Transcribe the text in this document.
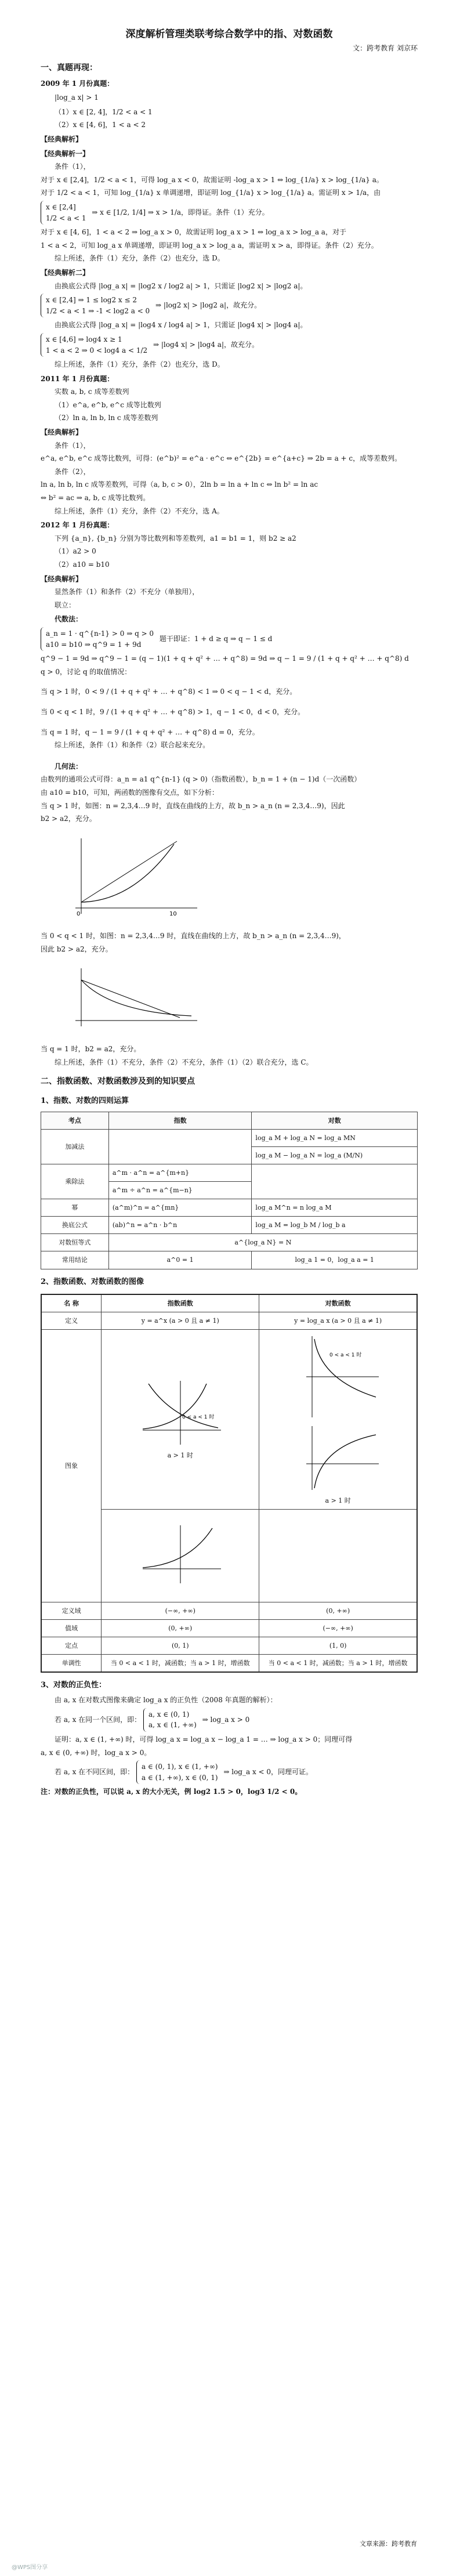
深度解析管理类联考综合数学中的指、对数函数
文：跨考教育 刘京环
一、真题再现：
2009 年 1 月份真题：
|log_a x| > 1
（1）x ∈ [2, 4]，1/2 < a < 1
（2）x ∈ [4, 6]，1 < a < 2
【经典解析】
【经典解析一】
条件（1），
对于 x ∈ [2,4]，1/2 < a < 1，可得 log_a x < 0，故需证明 -log_a x > 1 ⇔ log_{1/a} x > log_{1/a} a。
对于 1/2 < a < 1，可知 log_{1/a} x 单调递增，即证明 log_{1/a} x > log_{1/a} a。需证明 x > 1/a，由
x ∈ [2,4]
1/2 < a < 1
⇒ x ∈ [1/2, 1/4] ⇒ x > 1/a，即得证。条件（1）充分。
对于 x ∈ [4, 6]，1 < a < 2 ⇒ log_a x > 0，故需证明 log_a x > 1 ⇔ log_a x > log_a a，对于
1 < a < 2，可知 log_a x 单调递增，即证明 log_a x > log_a a，需证明 x > a，即得证。条件（2）充分。
综上所述，条件（1）充分，条件（2）也充分，选 D。
【经典解析二】
由换底公式得 |log_a x| = |log2 x / log2 a| > 1，只需证 |log2 x| > |log2 a|。
x ∈ [2,4] ⇒ 1 ≤ log2 x ≤ 2
1/2 < a < 1 ⇒ -1 < log2 a < 0
⇒ |log2 x| > |log2 a|，故充分。
由换底公式得 |log_a x| = |log4 x / log4 a| > 1，只需证 |log4 x| > |log4 a|。
x ∈ [4,6] ⇒ log4 x ≥ 1
1 < a < 2 ⇒ 0 < log4 a < 1/2
⇒ |log4 x| > |log4 a|，故充分。
综上所述，条件（1）充分，条件（2）也充分，选 D。
2011 年 1 月份真题：
实数 a, b, c 成等差数列
（1）e^a, e^b, e^c 成等比数列
（2）ln a, ln b, ln c 成等差数列
【经典解析】
条件（1），
e^a, e^b, e^c 成等比数列，可得：(e^b)² = e^a · e^c ⇔ e^{2b} = e^{a+c} ⇒ 2b = a + c，成等差数列。
条件（2），
ln a, ln b, ln c 成等差数列，可得（a, b, c > 0），2ln b = ln a + ln c ⇔ ln b² = ln ac
⇔ b² = ac ⇒ a, b, c 成等比数列。
综上所述，条件（1）充分，条件（2）不充分，选 A。
2012 年 1 月份真题：
下列 {a_n}, {b_n} 分别为等比数列和等差数列，a1 = b1 = 1，则 b2 ≥ a2
（1）a2 > 0
（2）a10 = b10
【经典解析】
显然条件（1）和条件（2）不充分（单独用），
联立：
代数法：
a_n = 1 · q^{n-1} > 0 ⇒ q > 0
a10 = b10 ⇒ q^9 = 1 + 9d
题干即证：1 + d ≥ q ⇒ q − 1 ≤ d
q^9 − 1 = 9d ⇒ q^9 − 1 = (q − 1)(1 + q + q² + … + q^8) = 9d ⇒ q − 1 = 9 / (1 + q + q² + … + q^8) d
q > 0，讨论 q 的取值情况：
当 q > 1 时，0 < 9 / (1 + q + q² + … + q^8) < 1 ⇒ 0 < q − 1 < d，充分。
当 0 < q < 1 时，9 / (1 + q + q² + … + q^8) > 1，q − 1 < 0，d < 0，充分。
当 q = 1 时，q − 1 = 9 / (1 + q + q² + … + q^8) d = 0，充分。
综上所述，条件（1）和条件（2）联合起来充分。
几何法：
由数列的通项公式可得：a_n = a1 q^{n-1} (q > 0)（指数函数），b_n = 1 + (n − 1)d（一次函数）
由 a10 = b10，可知，两函数的图像有交点，如下分析：
当 q > 1 时，如图：n = 2,3,4…9 时，直线在曲线的上方，故 b_n > a_n (n = 2,3,4…9)，因此
b2 > a2，充分。
0	10
当 0 < q < 1 时，如图：n = 2,3,4…9 时，直线在曲线的上方，故 b_n > a_n (n = 2,3,4…9)，
因此 b2 > a2，充分。
当 q = 1 时，b2 = a2，充分。
综上所述，条件（1）不充分，条件（2）不充分，条件（1）（2）联合充分，选 C。
二、指数函数、对数函数涉及到的知识要点
1、指数、对数的四则运算
考点	指数	对数
加减法		log_a M + log_a N = log_a MN
		log_a M − log_a N = log_a (M/N)
乘除法	a^m · a^n = a^{m+n}	
	a^m ÷ a^n = a^{m−n}	
幂	(a^m)^n = a^{mn}	log_a M^n = n log_a M
换底公式	(ab)^n = a^n · b^n	log_a M = log_b M / log_b a
对数恒等式	a^{log_a N} = N	
常用结论	a^0 = 1	log_a 1 = 0，log_a a = 1
2、指数函数、对数函数的图像
名 称	指数函数	对数函数
定义	y = a^x (a > 0 且 a ≠ 1)	y = log_a x (a > 0 且 a ≠ 1)
图象	0 < a < 1 时
a > 1 时	0 < a < 1 时

a > 1 时

定义域	(−∞, +∞)	(0, +∞)
值域	(0, +∞)	(−∞, +∞)
定点	(0, 1)	(1, 0)
单调性	当 0 < a < 1 时，减函数；当 a > 1 时，增函数	当 0 < a < 1 时，减函数；当 a > 1 时，增函数
3、对数的正负性：
由 a, x 在对数式图像来确定 log_a x 的正负性（2008 年真题的解析）：
若 a, x 在同一个区间，即：
a, x ∈ (0, 1)
a, x ∈ (1, +∞)
⇒ log_a x > 0
证明：a, x ∈ (1, +∞) 时，可得 log_a x = log_a x − log_a 1 = … ⇒ log_a x > 0；同理可得
a, x ∈ (0, +∞) 时，log_a x > 0。
若 a, x 在不同区间，即：
a ∈ (0, 1), x ∈ (1, +∞)
a ∈ (1, +∞), x ∈ (0, 1)
⇒ log_a x < 0，同理可证。
注：对数的正负性，可以说 a, x 的大小无关，例 log2 1.5 > 0，log3 1/2 < 0。
文章来源：跨考教育
@WPS图分享
